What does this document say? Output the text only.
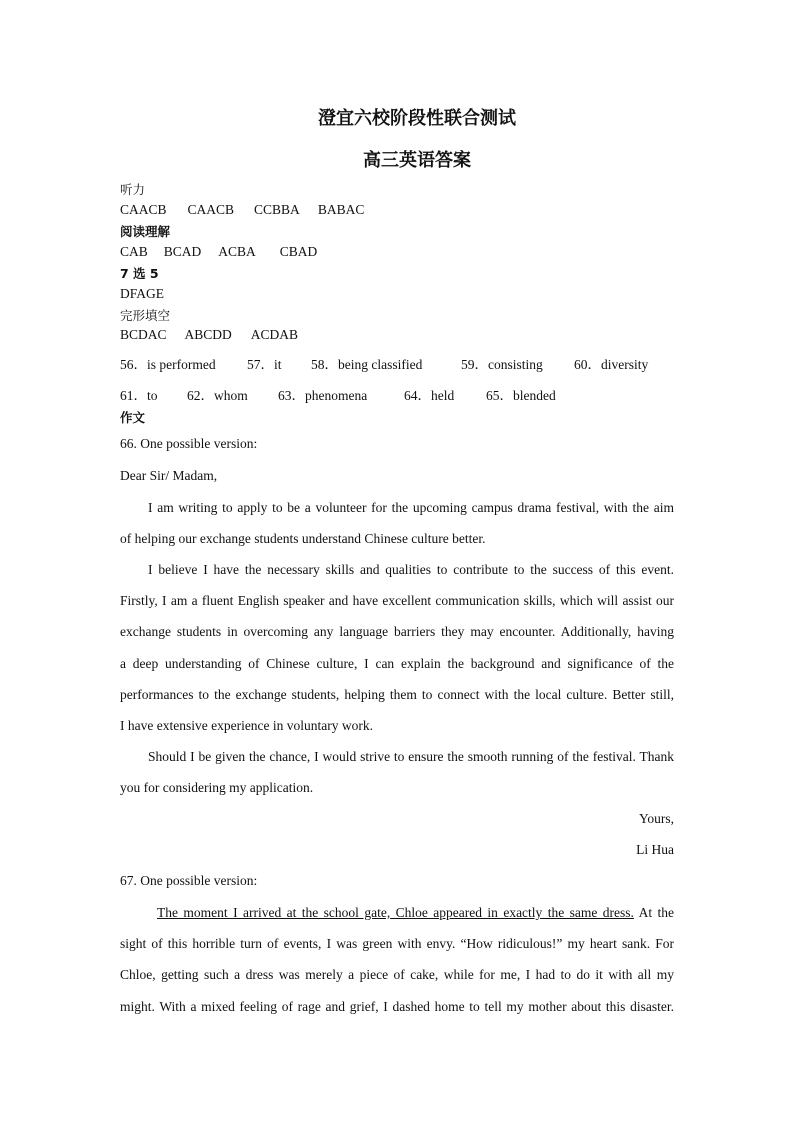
澄宜六校阶段性联合测试
高三英语答案
听力
CAACB CAACB CCBBA BABAC
阅读理解
CAB BCAD ACBA CBAD
7 选 5
DFAGE
完形填空
BCDAC ABCDD ACDAB
56．is performed 57．it 58．being classified	59．consisting 60．diversity
61．to 62．whom 63．phenomena	64．held 65．blended
作文
66. One possible version:
Dear Sir/ Madam,
I am writing to apply to be a volunteer for the upcoming campus drama festival, with the aim
of helping our exchange students understand Chinese culture better.
I believe I have the necessary skills and qualities to contribute to the success of this event.
Firstly, I am a fluent English speaker and have excellent communication skills, which will assist our
exchange students in overcoming any language barriers they may encounter. Additionally, having
a deep understanding of Chinese culture, I can explain the background and significance of the
performances to the exchange students, helping them to connect with the local culture. Better still,
I have extensive experience in voluntary work.
Should I be given the chance, I would strive to ensure the smooth running of the festival. Thank
you for considering my application.
Yours,
Li Hua
67. One possible version:
The moment I arrived at the school gate, Chloe appeared in exactly the same dress. At the
sight of this horrible turn of events, I was green with envy. “How ridiculous!” my heart sank. For
Chloe, getting such a dress was merely a piece of cake, while for me, I had to do it with all my
might. With a mixed feeling of rage and grief, I dashed home to tell my mother about this disaster.
